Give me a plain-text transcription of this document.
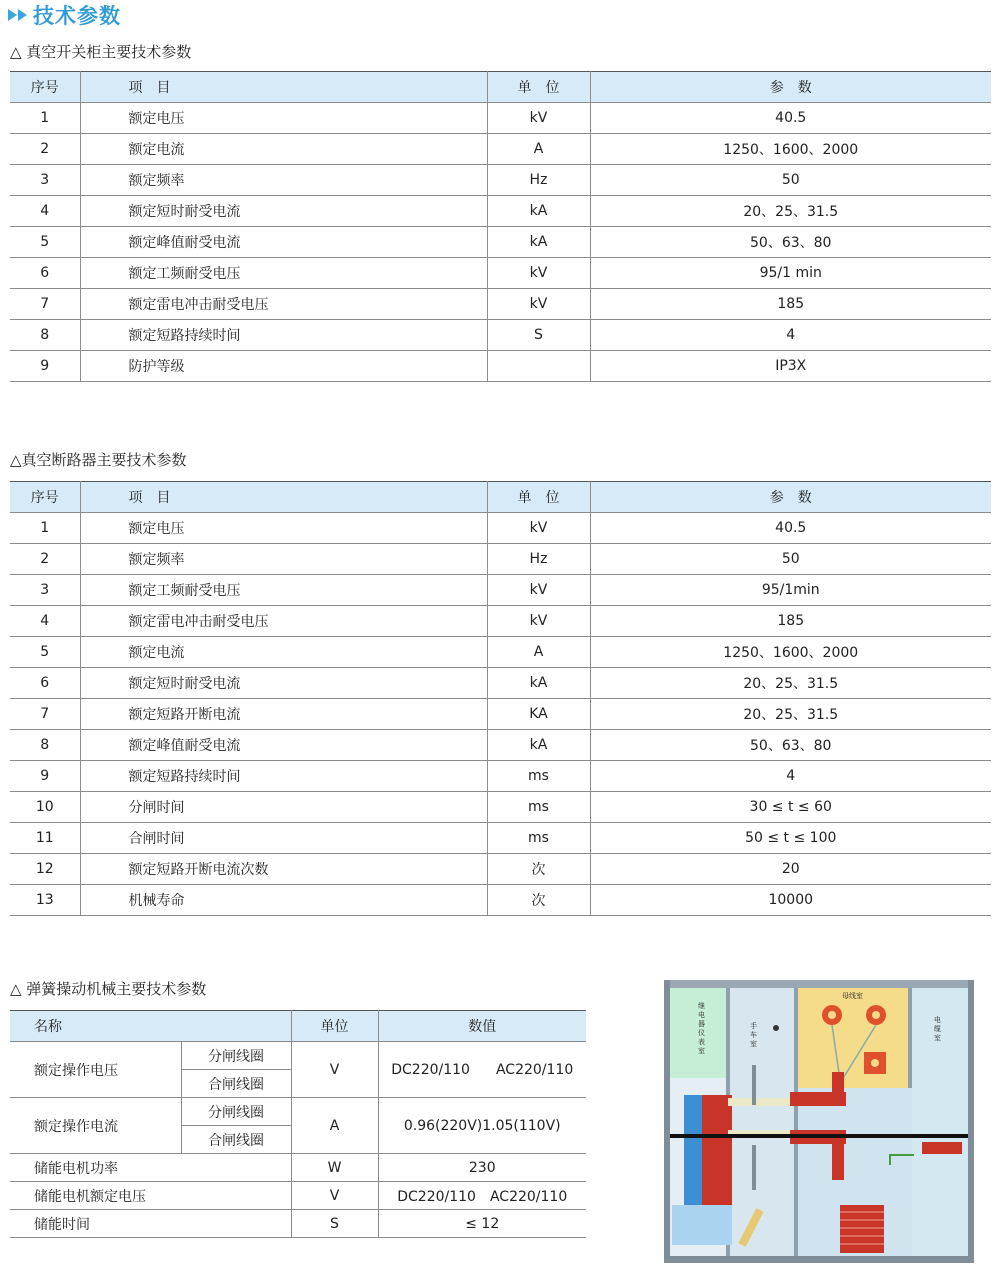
技术参数
△ 真空开关柜主要技术参数
序号	项　目	单　位	参　数
1	额定电压	kV	40.5
2	额定电流	A	1250、1600、2000
3	额定频率	Hz	50
4	额定短时耐受电流	kA	20、25、31.5
5	额定峰值耐受电流	kA	50、63、80
6	额定工频耐受电压	kV	95/1 min
7	额定雷电冲击耐受电压	kV	185
8	额定短路持续时间	S	4
9	防护等级		IP3X
△真空断路器主要技术参数
序号	项　目	单　位	参　数
1	额定电压	kV	40.5
2	额定频率	Hz	50
3	额定工频耐受电压	kV	95/1min
4	额定雷电冲击耐受电压	kV	185
5	额定电流	A	1250、1600、2000
6	额定短时耐受电流	kA	20、25、31.5
7	额定短路开断电流	KA	20、25、31.5
8	额定峰值耐受电流	kA	50、63、80
9	额定短路持续时间	ms	4
10	分闸时间	ms	30 ≤ t ≤ 60
11	合闸时间	ms	50 ≤ t ≤ 100
12	额定短路开断电流次数	次	20
13	机械寿命	次	10000
△ 弹簧操动机械主要技术参数
名称		单位	数值
额定操作电压	分闸线圈	V	DC220/110 AC220/110
	合闸线圈		
额定操作电流	分闸线圈	A	0.96(220V)1.05(110V)
	合闸线圈		
储能电机功率		W	230
储能电机额定电压		V	DC220/110　AC220/110
储能时间		S	≤ 12
继 电 器 仪 表 室
手 车 室
母线室
电 缆 室
